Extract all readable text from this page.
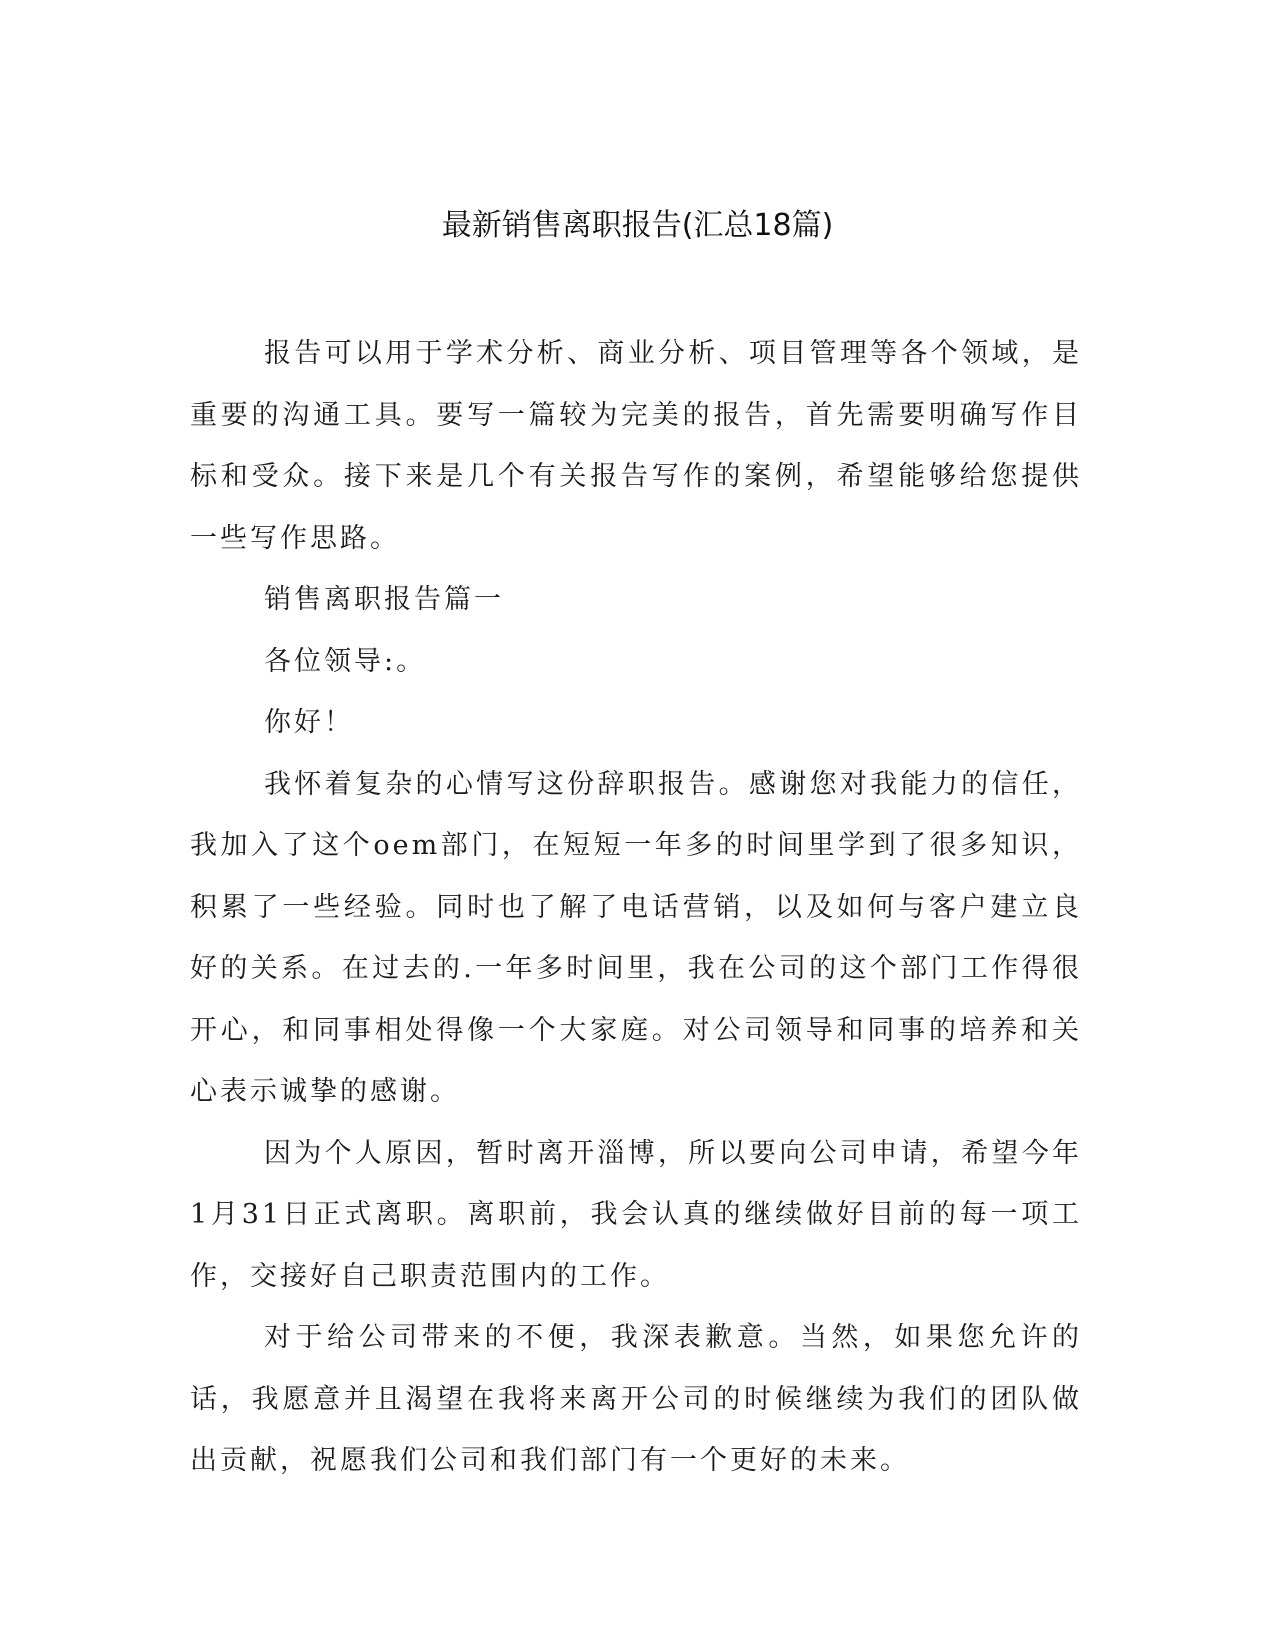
最新销售离职报告(汇总18篇)

报告可以用于学术分析、商业分析、项目管理等各个领域，是重要的沟通工具。要写一篇较为完美的报告，首先需要明确写作目标和受众。接下来是几个有关报告写作的案例，希望能够给您提供一些写作思路。

销售离职报告篇一

各位领导:。

你好！

我怀着复杂的心情写这份辞职报告。感谢您对我能力的信任，我加入了这个oem部门，在短短一年多的时间里学到了很多知识，积累了一些经验。同时也了解了电话营销，以及如何与客户建立良好的关系。在过去的.一年多时间里，我在公司的这个部门工作得很开心，和同事相处得像一个大家庭。对公司领导和同事的培养和关心表示诚挚的感谢。

因为个人原因，暂时离开淄博，所以要向公司申请，希望今年1月31日正式离职。离职前，我会认真的继续做好目前的每一项工作，交接好自己职责范围内的工作。

对于给公司带来的不便，我深表歉意。当然，如果您允许的话，我愿意并且渴望在我将来离开公司的时候继续为我们的团队做出贡献，祝愿我们公司和我们部门有一个更好的未来。
